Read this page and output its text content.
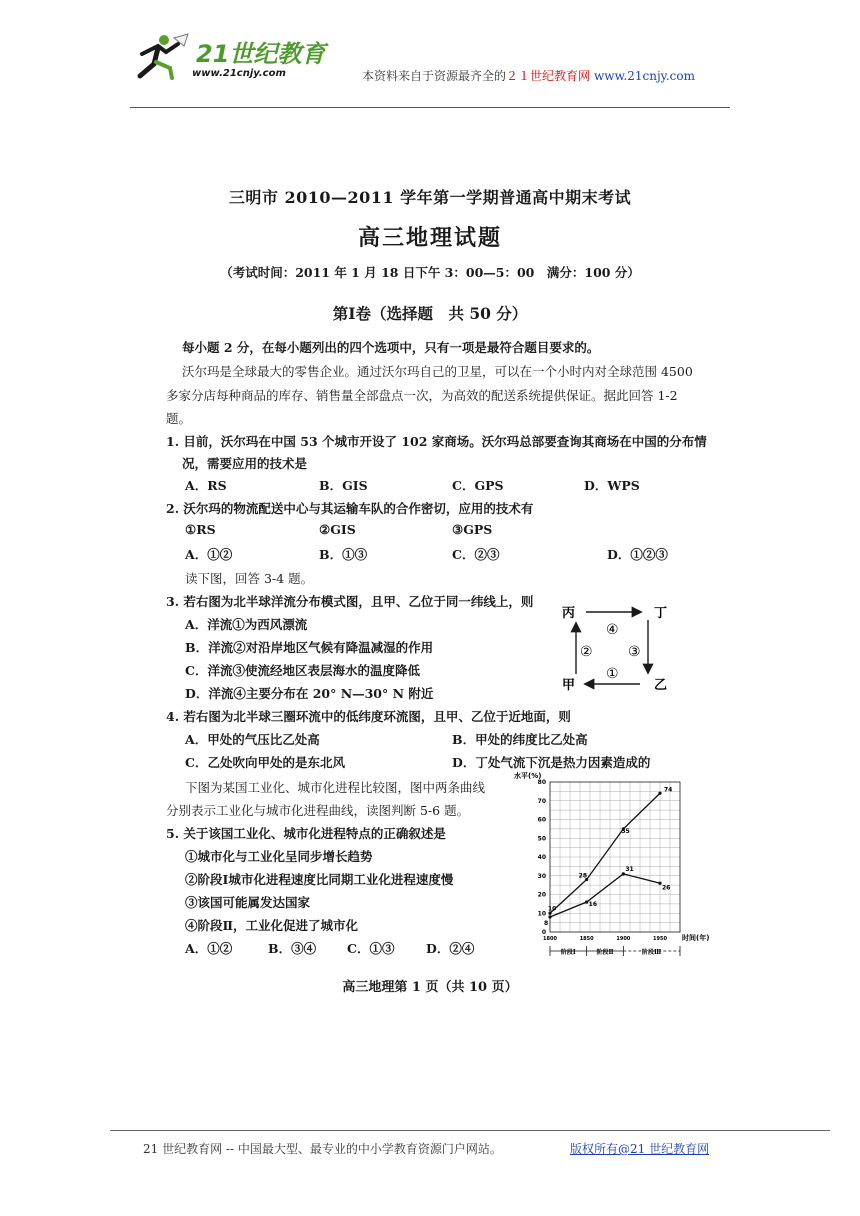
21世纪教育
www.21cnjy.com	本资料来自于资源最齐全的２１世纪教育网 www.21cnjy.com
三明市 2010—2011 学年第一学期普通高中期末考试
高三地理试题
（考试时间：2011 年 1 月 18 日下午 3：00—5：00　满分：100 分）
第Ⅰ卷（选择题　共 50 分）
每小题 2 分，在每小题列出的四个选项中，只有一项是最符合题目要求的。
沃尔玛是全球最大的零售企业。通过沃尔玛自己的卫星，可以在一个小时内对全球范围 4500
多家分店每种商品的库存、销售量全部盘点一次，为高效的配送系统提供保证。据此回答 1-2
题。
1. 目前，沃尔玛在中国 53 个城市开设了 102 家商场。沃尔玛总部要查询其商场在中国的分布情
况，需要应用的技术是
A．RS	B．GIS	C．GPS	D．WPS
2. 沃尔玛的物流配送中心与其运输车队的合作密切，应用的技术有
①RS	②GIS	③GPS
A．①②	B．①③	C．②③	D．①②③
读下图，回答 3-4 题。
3. 若右图为北半球洋流分布模式图，且甲、乙位于同一纬线上，则
A．洋流①为西风漂流
B．洋流②对沿岸地区气候有降温减湿的作用
C．洋流③使流经地区表层海水的温度降低
D．洋流④主要分布在 20° N—30° N 附近
丙	丁
甲	乙
④
②	③
①
4. 若右图为北半球三圈环流中的低纬度环流图，且甲、乙位于近地面，则
A．甲处的气压比乙处高	B．甲处的纬度比乙处高
C．乙处吹向甲处的是东北风	D．丁处气流下沉是热力因素造成的
下图为某国工业化、城市化进程比较图，图中两条曲线
分别表示工业化与城市化进程曲线，读图判断 5-6 题。
5. 关于该国工业化、城市化进程特点的正确叙述是
①城市化与工业化呈同步增长趋势
②阶段Ⅰ城市化进程速度比同期工业化进程速度慢
③该国可能属发达国家
④阶段Ⅱ，工业化促进了城市化
A．①②	B．③④ C．①③	D．②④
水平(%)
时间(年)
0
10
20
30
40
50
60
70
80
1800	1850	1900	1950
74
55
31
26
28
16
10
8
阶段Ⅰ	阶段Ⅱ	阶段Ⅲ
高三地理第 1 页（共 10 页）
21 世纪教育网 -- 中国最大型、最专业的中小学教育资源门户网站。	版权所有@21 世纪教育网
